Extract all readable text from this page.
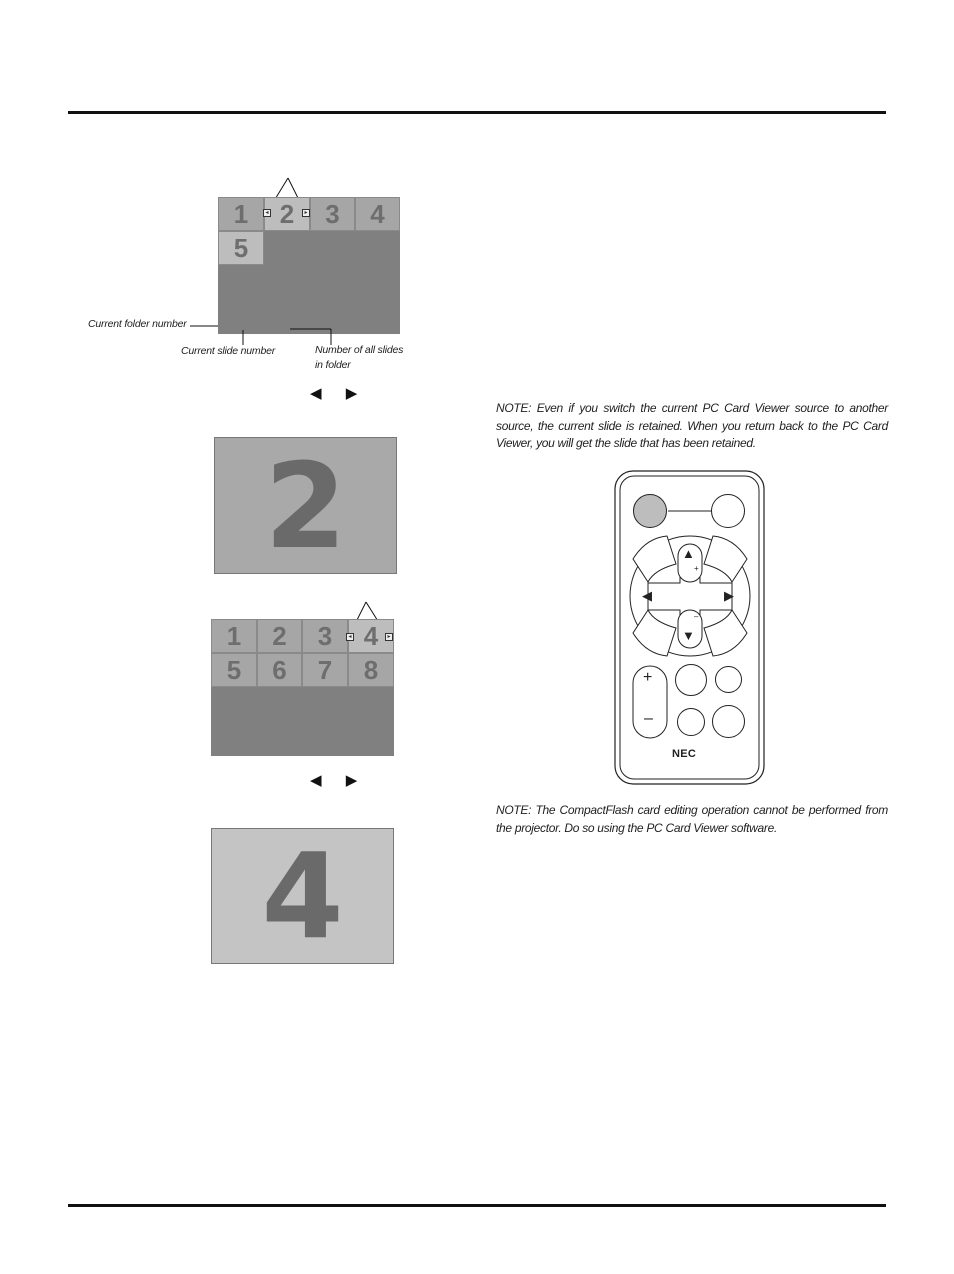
1	2	3	4
5
◂	▸
Current folder number
Current slide number	Number of all slides
in folder
◀ ▶
2
1	2	3	4
5	6	7	8
◂	▸
◀ ▶
4
NOTE: Even if you switch the current PC Card Viewer source to another source, the current slide is retained. When you return back to the PC Card Viewer, you will get the slide that has been retained.
▲
+
▼
–
◀	▶
+
–
NEC
NOTE: The CompactFlash card editing operation cannot be performed from the projector. Do so using the PC Card Viewer software.
